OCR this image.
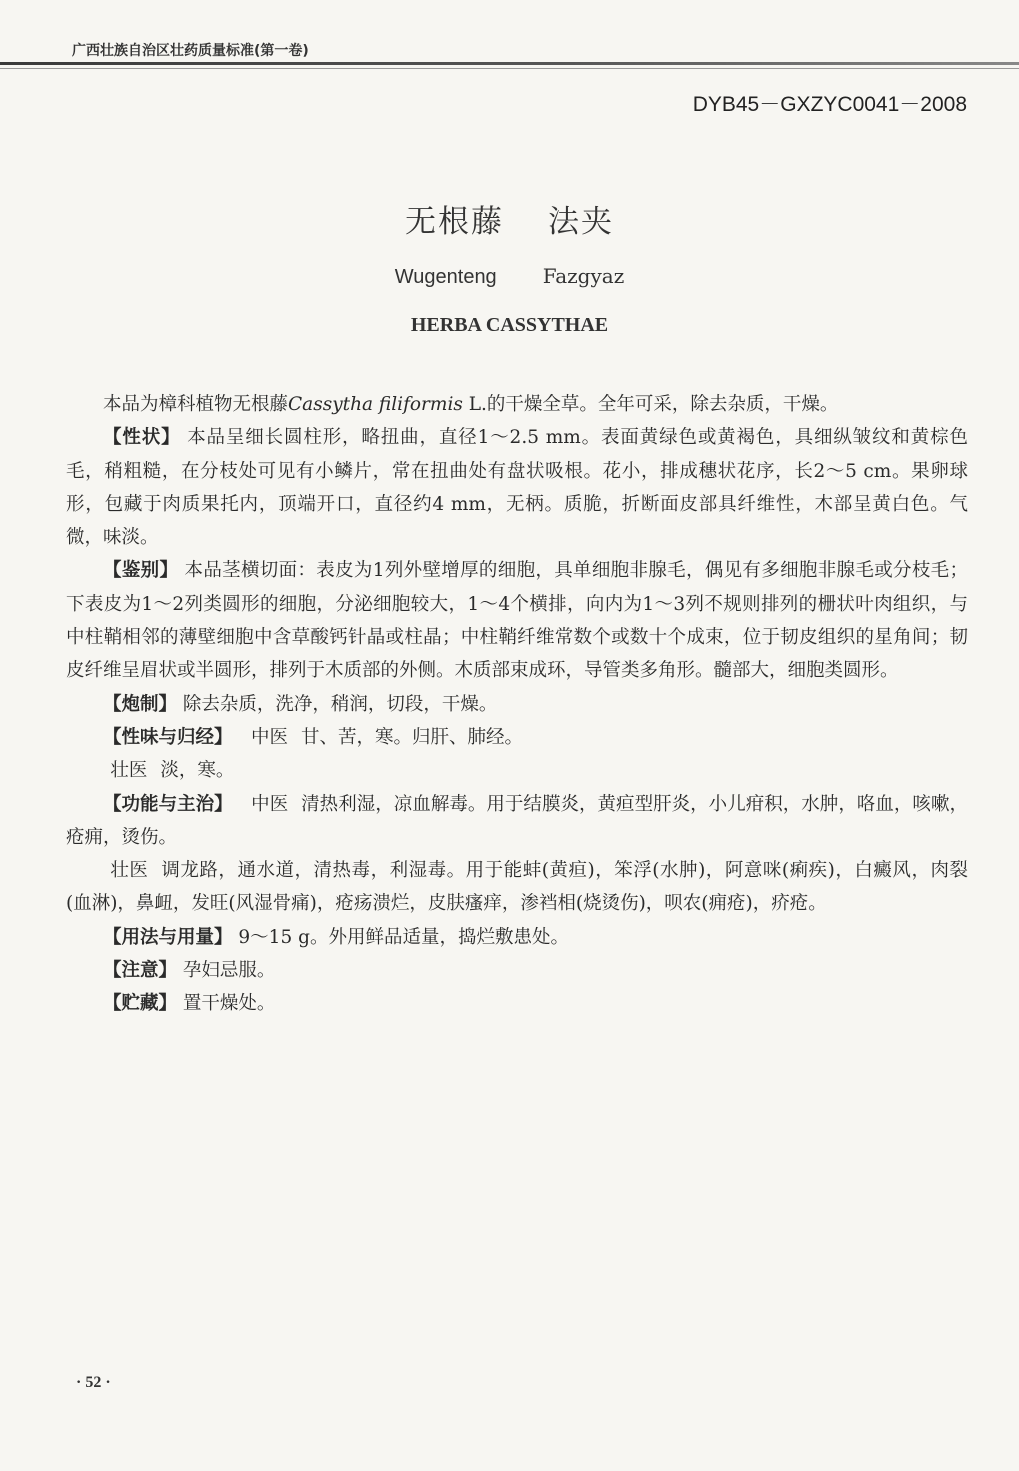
广西壮族自治区壮药质量标准(第一卷)
DYB45－GXZYC0041－2008
无根藤 法夹
Wugenteng Fazgyaz
HERBA CASSYTHAE

本品为樟科植物无根藤Cassytha filiformis L.的干燥全草。全年可采，除去杂质，干燥。

【性状】 本品呈细长圆柱形，略扭曲，直径1～2.5 mm。表面黄绿色或黄褐色，具细纵皱纹和黄棕色毛，稍粗糙，在分枝处可见有小鳞片，常在扭曲处有盘状吸根。花小，排成穗状花序，长2～5 cm。果卵球形，包藏于肉质果托内，顶端开口，直径约4 mm，无柄。质脆，折断面皮部具纤维性，木部呈黄白色。气微，味淡。

【鉴别】 本品茎横切面：表皮为1列外壁增厚的细胞，具单细胞非腺毛，偶见有多细胞非腺毛或分枝毛；下表皮为1～2列类圆形的细胞，分泌细胞较大，1～4个横排，向内为1～3列不规则排列的栅状叶肉组织，与中柱鞘相邻的薄壁细胞中含草酸钙针晶或柱晶；中柱鞘纤维常数个或数十个成束，位于韧皮组织的星角间；韧皮纤维呈眉状或半圆形，排列于木质部的外侧。木质部束成环，导管类多角形。髓部大，细胞类圆形。

【炮制】 除去杂质，洗净，稍润，切段，干燥。

【性味与归经】 中医 甘、苦，寒。归肝、肺经。

壮医 淡，寒。

【功能与主治】 中医 清热利湿，凉血解毒。用于结膜炎，黄疸型肝炎，小儿疳积，水肿，咯血，咳嗽，疮痈，烫伤。

壮医 调龙路，通水道，清热毒，利湿毒。用于能蚌(黄疸)，笨浮(水肿)，阿意咪(痢疾)，白癜风，肉裂(血淋)，鼻衄，发旺(风湿骨痛)，疮疡溃烂，皮肤瘙痒，渗裆相(烧烫伤)，呗农(痈疮)，疥疮。

【用法与用量】 9～15 g。外用鲜品适量，捣烂敷患处。

【注意】 孕妇忌服。

【贮藏】 置干燥处。

· 52 ·
